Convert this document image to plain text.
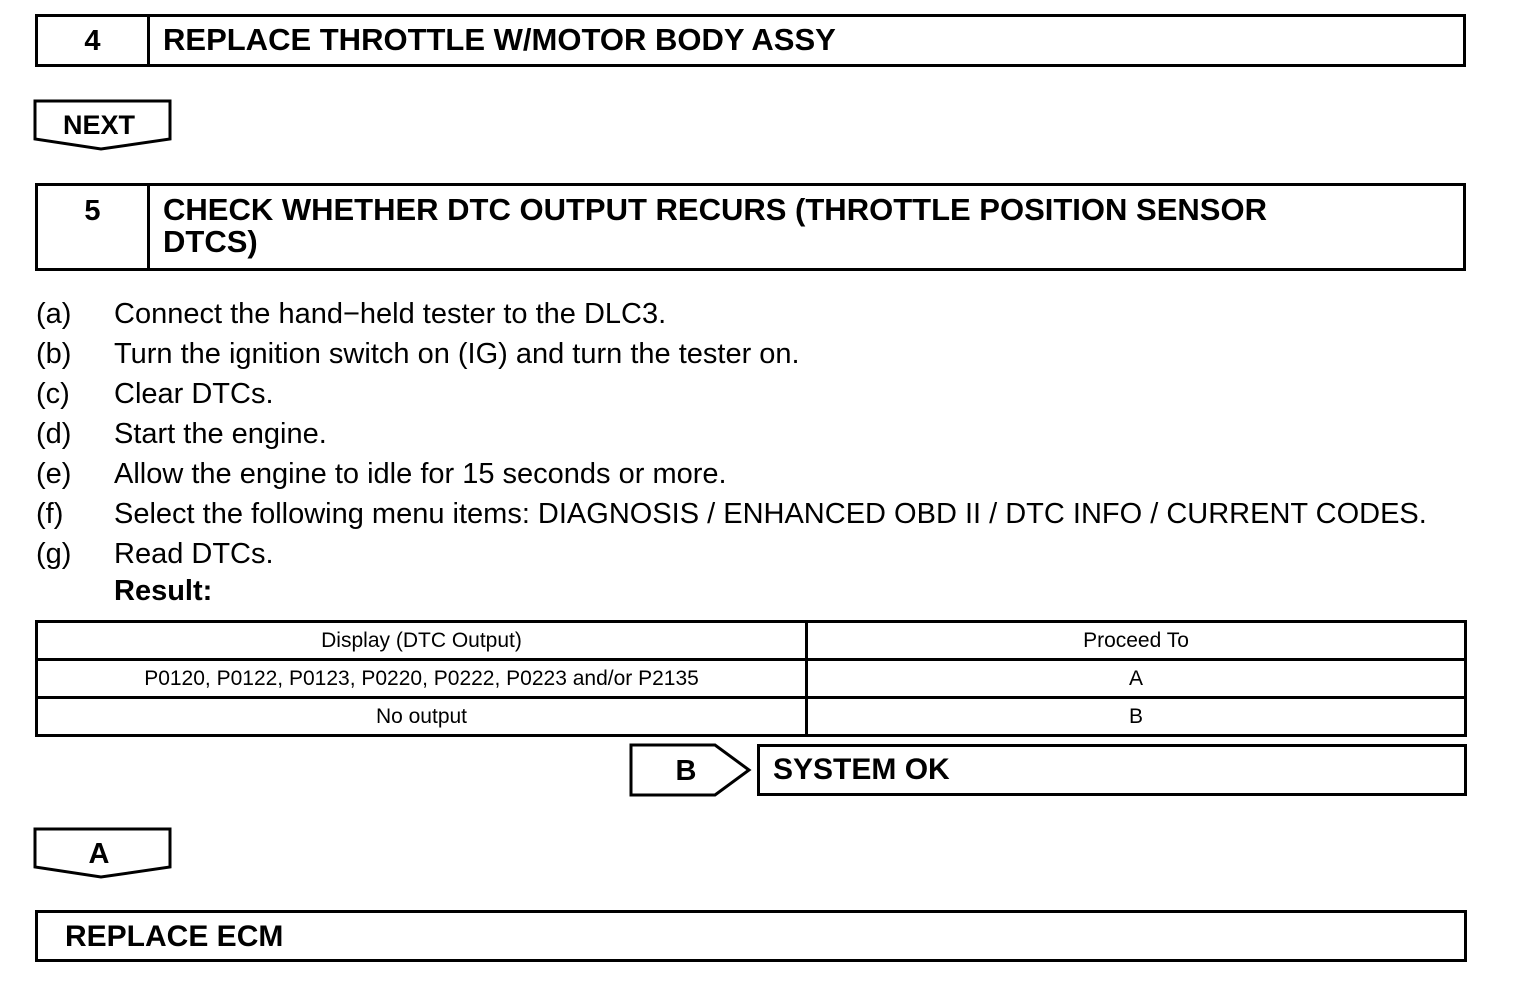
4	REPLACE THROTTLE W/MOTOR BODY ASSY
NEXT
5	CHECK WHETHER DTC OUTPUT RECURS (THROTTLE POSITION SENSOR
DTCS)
(a) Connect the hand−held tester to the DLC3.
(b) Turn the ignition switch on (IG) and turn the tester on.
(c) Clear DTCs.
(d) Start the engine.
(e) Allow the engine to idle for 15 seconds or more.
(f) Select the following menu items: DIAGNOSIS / ENHANCED OBD II / DTC INFO / CURRENT CODES.
(g) Read DTCs.
Result:
Display (DTC Output)	Proceed To
P0120, P0122, P0123, P0220, P0222, P0223 and/or P2135	A
No output	B
B	SYSTEM OK
A
REPLACE ECM
